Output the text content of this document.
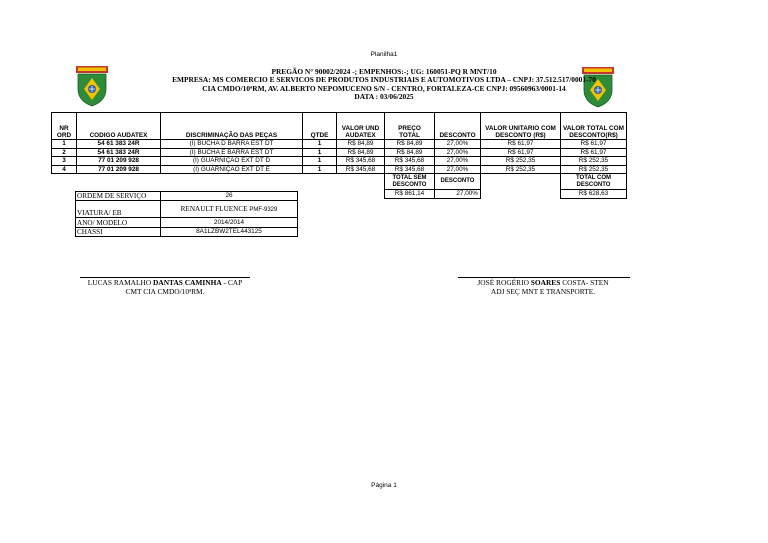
Planilha1
PREGÃO N° 90002/2024 -; EMPENHOS:-; UG: 160051-PQ R MNT/10
EMPRESA: MS COMERCIO E SERVICOS DE PRODUTOS INDUSTRIAIS E AUTOMOTIVOS LTDA – CNPJ: 37.512.517/0001-70
CIA CMDO/10ªRM, AV. ALBERTO NEPOMUCENO S/N - CENTRO, FORTALEZA-CE CNPJ: 09560963/0001-14
DATA : 03/06/2025
NR ORD	CODIGO AUDATEX	DISCRIMINAÇÃO DAS PEÇAS	QTDE	VALOR UND AUDATEX	PREÇO TOTAL	DESCONTO	VALOR UNITARIO COM DESCONTO (R$)	VALOR TOTAL COM DESCONTO(R$)
1	54 61 383 24R	(I) BUCHA D BARRA EST DT	1	R$ 84,89	R$ 84,89	27,00%	R$ 61,97	R$ 61,97
2	54 61 383 24R	(I) BUCHA E BARRA EST DT	1	R$ 84,89	R$ 84,89	27,00%	R$ 61,97	R$ 61,97
3	77 01 209 928	(I) GUARNIÇÃO EXT DT D	1	R$ 345,68	R$ 345,68	27,00%	R$ 252,35	R$ 252,35
4	77 01 209 928	(I) GUARNIÇÃO EXT DT E	1	R$ 345,68	R$ 345,68	27,00%	R$ 252,35	R$ 252,35
					TOTAL SEM DESCONTO	DESCONTO		TOTAL COM DESCONTO
					R$ 861,14	27,00%		R$ 628,63
ORDEM DE SERVIÇO	26
VIATURA/ EB	RENAULT FLUENCE PMF-9329
ANO/ MODELO	2014/2014
CHASSI	8A1LZBW2TEL443125
LUCAS RAMALHO DANTAS CAMINHA - CAP
CMT CIA CMDO/10ªRM.
JOSÉ ROGÉRIO SOARES COSTA- STEN
ADJ SEÇ MNT E TRANSPORTE.
Página 1
